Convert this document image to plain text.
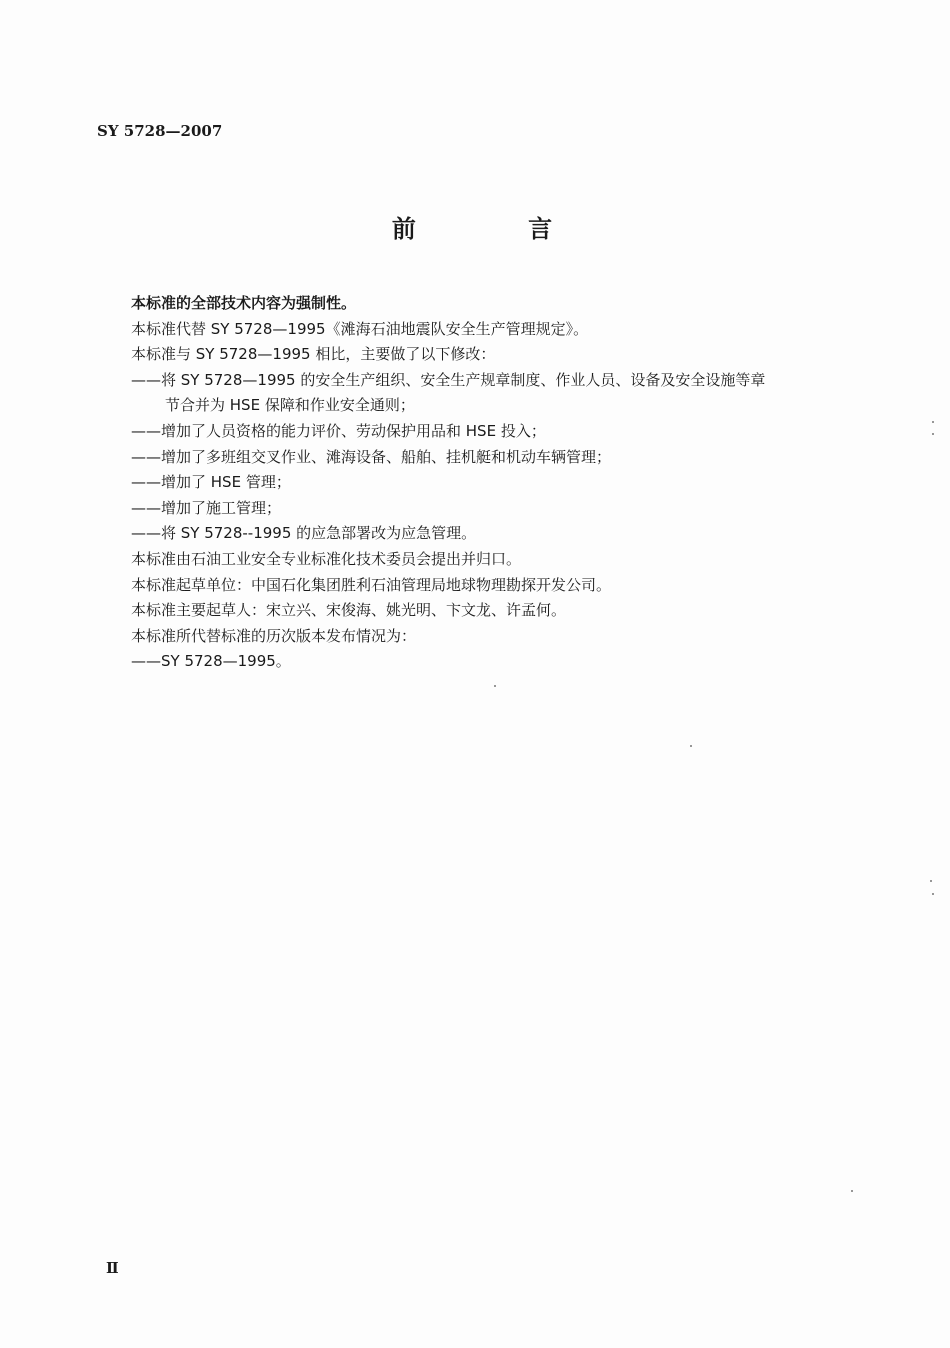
SY 5728—2007
前 言
本标准的全部技术内容为强制性。
本标准代替 SY 5728—1995《滩海石油地震队安全生产管理规定》。
本标准与 SY 5728—1995 相比，主要做了以下修改：
——将 SY 5728—1995 的安全生产组织、安全生产规章制度、作业人员、设备及安全设施等章
节合并为 HSE 保障和作业安全通则；
——增加了人员资格的能力评价、劳动保护用品和 HSE 投入；
——增加了多班组交叉作业、滩海设备、船舶、挂机艇和机动车辆管理；
——增加了 HSE 管理；
——增加了施工管理；
——将 SY 5728--1995 的应急部署改为应急管理。
本标准由石油工业安全专业标准化技术委员会提出并归口。
本标准起草单位：中国石化集团胜利石油管理局地球物理勘探开发公司。
本标准主要起草人：宋立兴、宋俊海、姚光明、卞文龙、许孟何。
本标准所代替标准的历次版本发布情况为：
——SY 5728—1995。
Ⅱ
